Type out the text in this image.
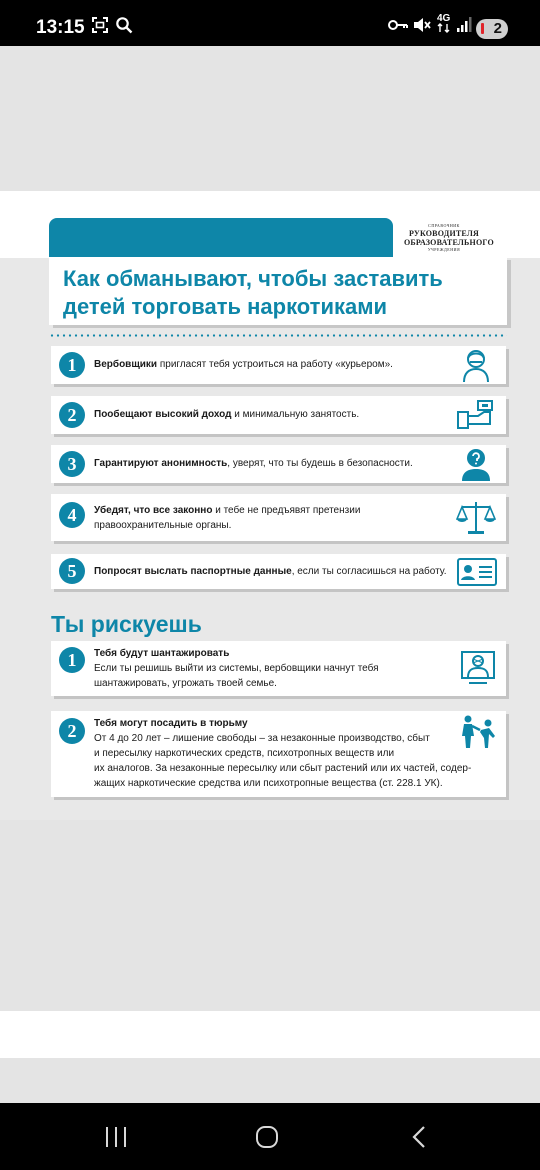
13:15	4G

2
СПРАВОЧНИК
РУКОВОДИТЕЛЯ
ОБРАЗОВАТЕЛЬНОГО
УЧРЕЖДЕНИЯ
Как обманывают, чтобы заставить
детей торговать наркотиками
1	Вербовщики пригласят тебя устроиться на работу «курьером».
2	Пообещают высокий доход и минимальную занятость.
3	Гарантируют анонимность, уверят, что ты будешь в безопасности.
4	Убедят, что все законно и тебе не предъявят претензии
правоохранительные органы.
5	Попросят выслать паспортные данные, если ты согласишься на работу.
Ты рискуешь
1	Тебя будут шантажировать
Если ты решишь выйти из системы, вербовщики начнут тебя
шантажировать, угрожать твоей семье.
2	Тебя могут посадить в тюрьму
От 4 до 20 лет – лишение свободы – за незаконные производство, сбыт
и пересылку наркотических средств, психотропных веществ или
их аналогов. За незаконные пересылку или сбыт растений или их частей, содер-
жащих наркотические средства или психотропные вещества (ст. 228.1 УК).
